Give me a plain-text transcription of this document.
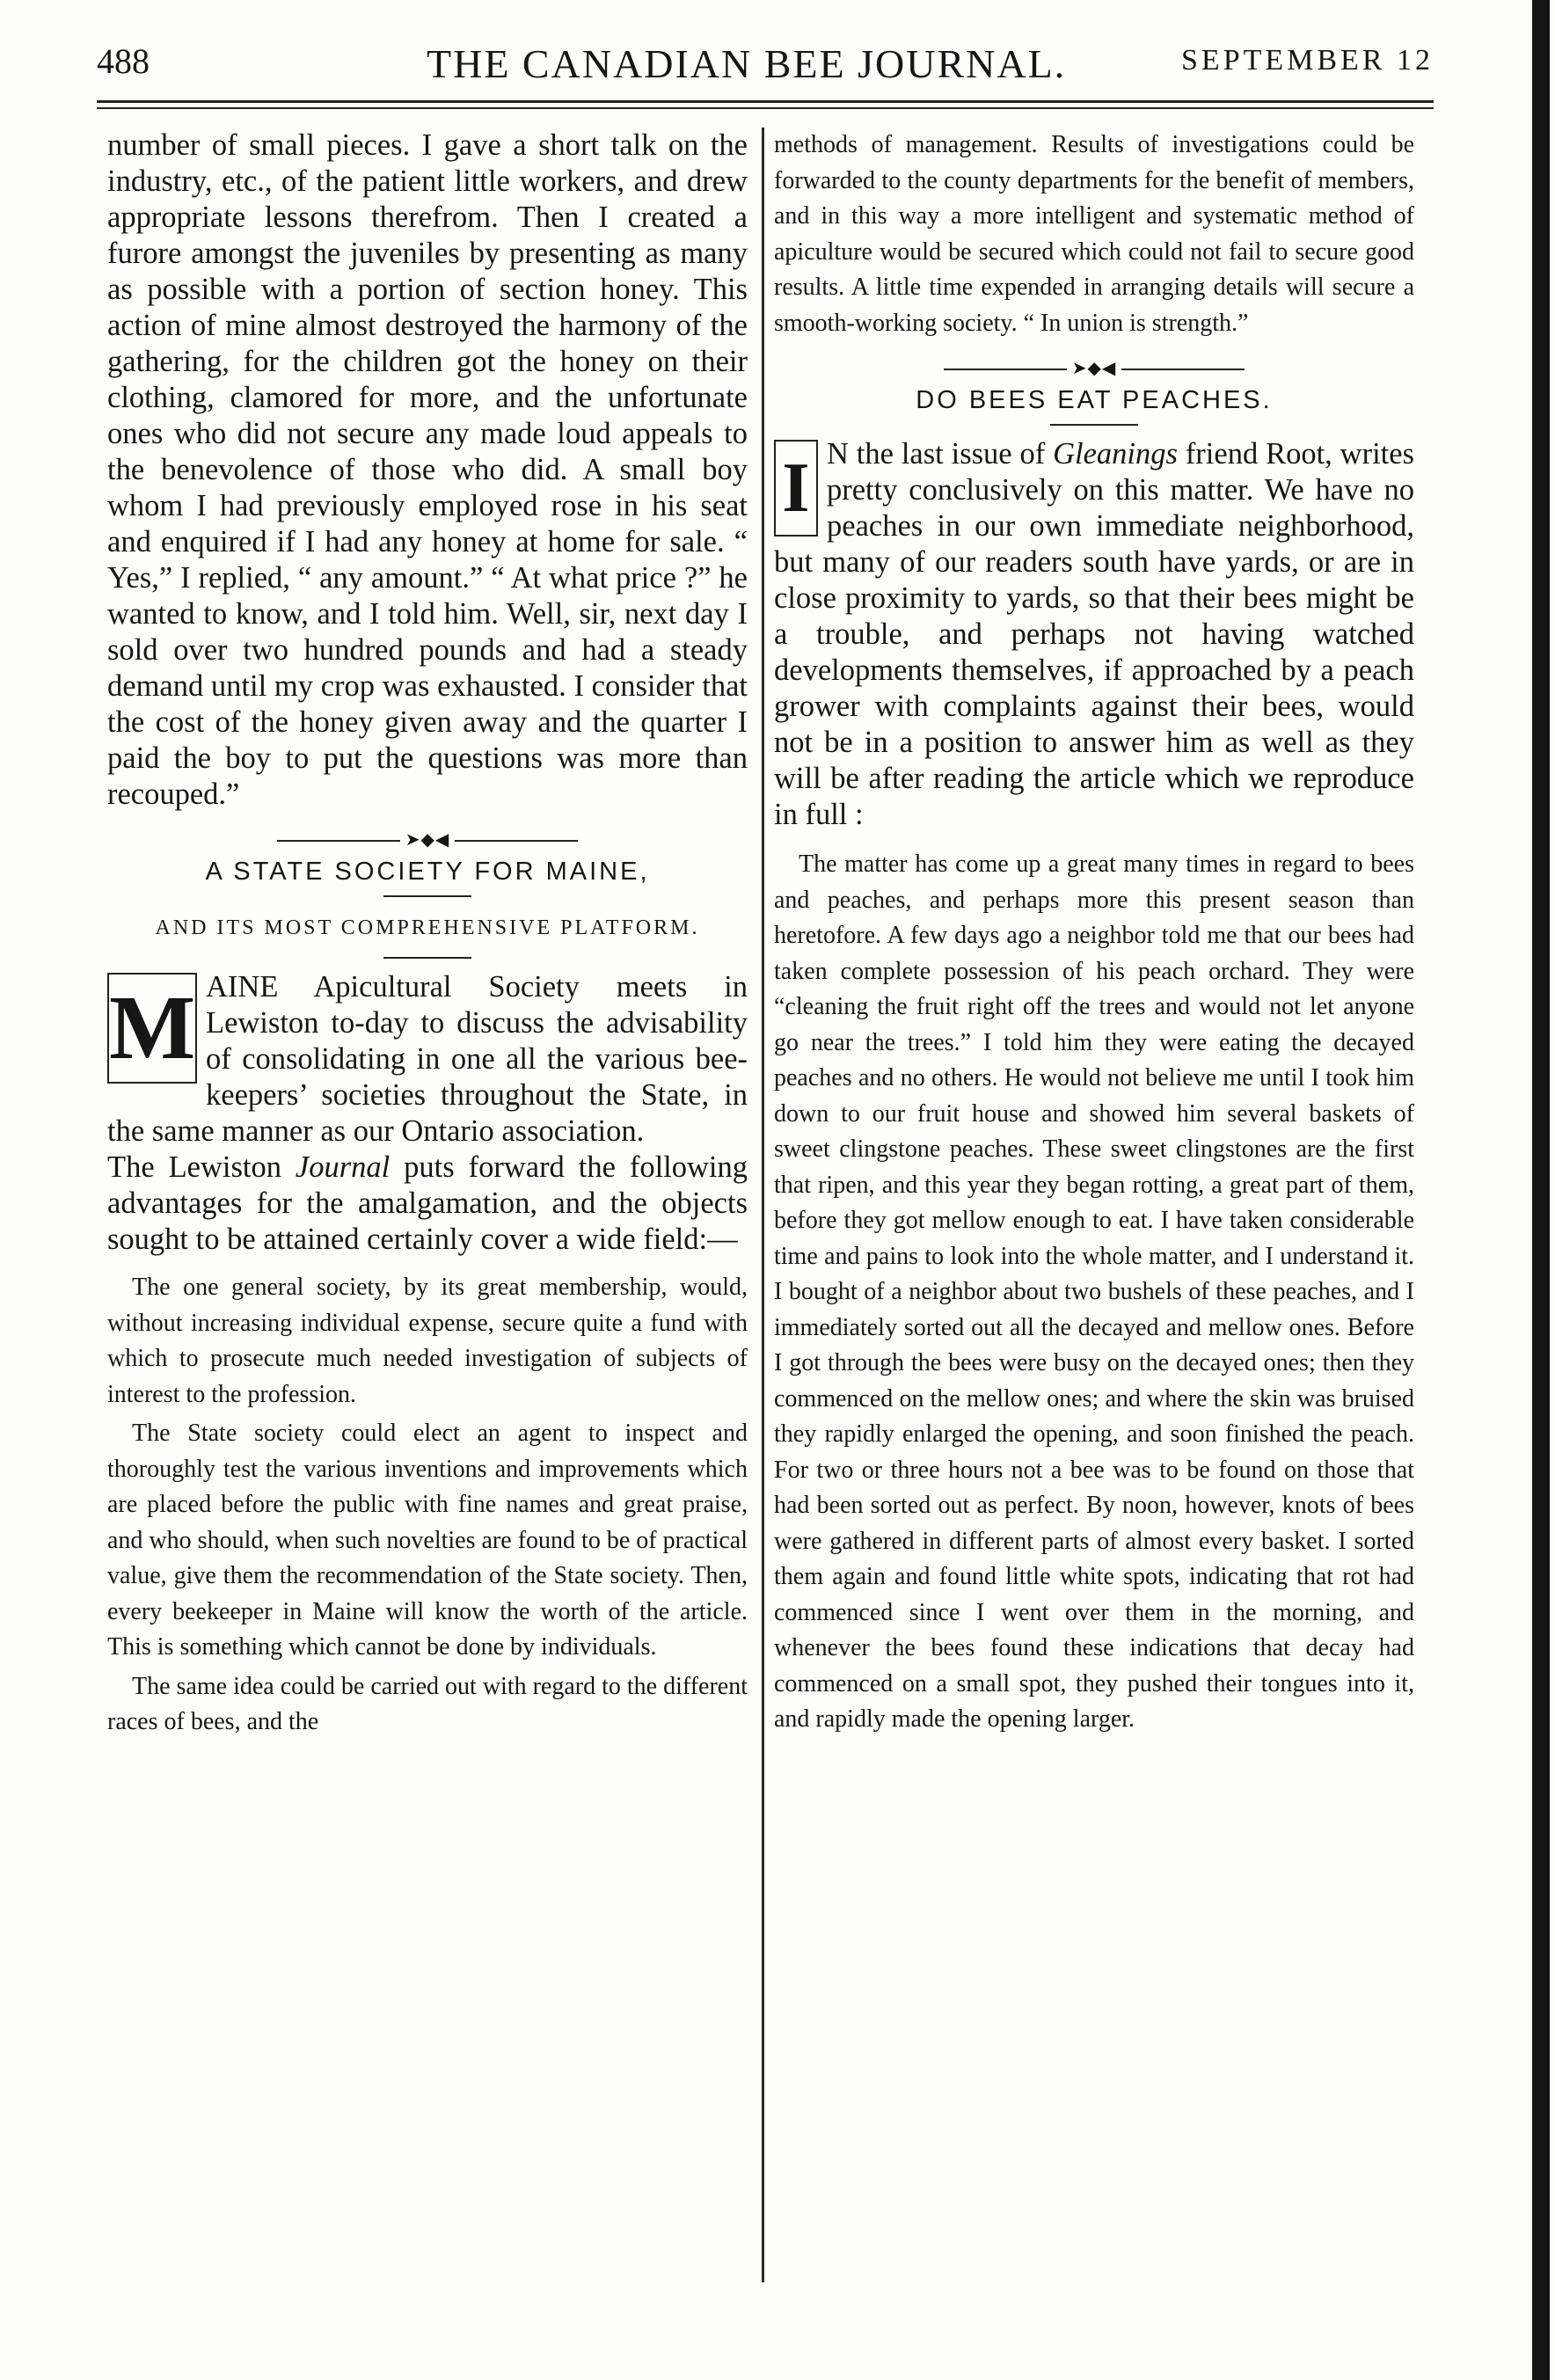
488	THE CANADIAN BEE JOURNAL.	SEPTEMBER 12

number of small pieces. I gave a short talk on the industry, etc., of the patient little workers, and drew appropriate lessons therefrom. Then I created a furore amongst the juveniles by presenting as many as possible with a portion of section honey. This action of mine almost destroyed the harmony of the gathering, for the children got the honey on their clothing, clamored for more, and the unfortunate ones who did not secure any made loud appeals to the benevolence of those who did. A small boy whom I had previously employed rose in his seat and enquired if I had any honey at home for sale. “ Yes,” I replied, “ any amount.” “ At what price ?” he wanted to know, and I told him. Well, sir, next day I sold over two hundred pounds and had a steady demand until my crop was exhausted. I consider that the cost of the honey given away and the quarter I paid the boy to put the questions was more than recouped.”

➤◆◀
A STATE SOCIETY FOR MAINE,

AND ITS MOST COMPREHENSIVE PLATFORM.

M AINE Apicultural Society meets in Lewiston to-day to discuss the advisability of consolidating in one all the various bee-keepers’ societies throughout the State, in the same manner as our Ontario association.
The Lewiston Journal puts forward the following advantages for the amalgamation, and the objects sought to be attained certainly cover a wide field:—

The one general society, by its great membership, would, without increasing individual expense, secure quite a fund with which to prosecute much needed investigation of subjects of interest to the profession.

The State society could elect an agent to inspect and thoroughly test the various inventions and improvements which are placed before the public with fine names and great praise, and who should, when such novelties are found to be of practical value, give them the recommendation of the State society. Then, every beekeeper in Maine will know the worth of the article. This is something which cannot be done by individuals.

The same idea could be carried out with regard to the different races of bees, and the

methods of management. Results of investigations could be forwarded to the county departments for the benefit of members, and in this way a more intelligent and systematic method of apiculture would be secured which could not fail to secure good results. A little time expended in arranging details will secure a smooth-working society. “ In union is strength.”

➤◆◀
DO BEES EAT PEACHES.
I N the last issue of Gleanings friend Root, writes pretty conclusively on this matter. We have no peaches in our own immediate neighborhood, but many of our readers south have yards, or are in close proximity to yards, so that their bees might be a trouble, and perhaps not having watched developments themselves, if approached by a peach grower with complaints against their bees, would not be in a position to answer him as well as they will be after reading the article which we reproduce in full :

The matter has come up a great many times in regard to bees and peaches, and perhaps more this present season than heretofore. A few days ago a neighbor told me that our bees had taken complete possession of his peach orchard. They were “cleaning the fruit right off the trees and would not let anyone go near the trees.” I told him they were eating the decayed peaches and no others. He would not believe me until I took him down to our fruit house and showed him several baskets of sweet clingstone peaches. These sweet clingstones are the first that ripen, and this year they began rotting, a great part of them, before they got mellow enough to eat. I have taken considerable time and pains to look into the whole matter, and I understand it. I bought of a neighbor about two bushels of these peaches, and I immediately sorted out all the decayed and mellow ones. Before I got through the bees were busy on the decayed ones; then they commenced on the mellow ones; and where the skin was bruised they rapidly enlarged the opening, and soon finished the peach. For two or three hours not a bee was to be found on those that had been sorted out as perfect. By noon, however, knots of bees were gathered in different parts of almost every basket. I sorted them again and found little white spots, indicating that rot had commenced since I went over them in the morning, and whenever the bees found these indications that decay had commenced on a small spot, they pushed their tongues into it, and rapidly made the opening larger.
